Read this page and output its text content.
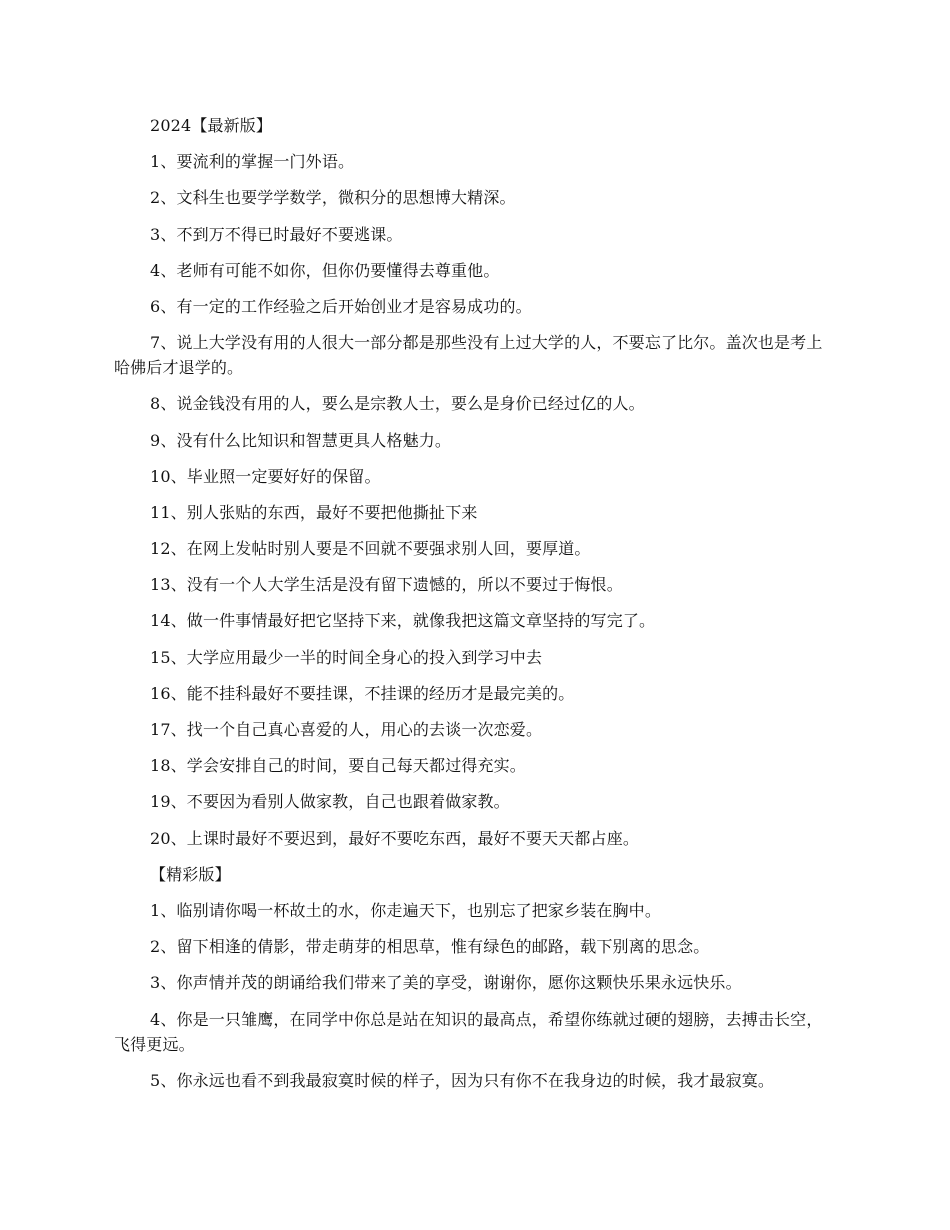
2024【最新版】

1、要流利的掌握一门外语。

2、文科生也要学学数学，微积分的思想博大精深。

3、不到万不得已时最好不要逃课。

4、老师有可能不如你，但你仍要懂得去尊重他。

6、有一定的工作经验之后开始创业才是容易成功的。

7、说上大学没有用的人很大一部分都是那些没有上过大学的人，不要忘了比尔。盖次也是考上哈佛后才退学的。

8、说金钱没有用的人，要么是宗教人士，要么是身价已经过亿的人。

9、没有什么比知识和智慧更具人格魅力。

10、毕业照一定要好好的保留。

11、别人张贴的东西，最好不要把他撕扯下来

12、在网上发帖时别人要是不回就不要强求别人回，要厚道。

13、没有一个人大学生活是没有留下遗憾的，所以不要过于悔恨。

14、做一件事情最好把它坚持下来，就像我把这篇文章坚持的写完了。

15、大学应用最少一半的时间全身心的投入到学习中去

16、能不挂科最好不要挂课，不挂课的经历才是最完美的。

17、找一个自己真心喜爱的人，用心的去谈一次恋爱。

18、学会安排自己的时间，要自己每天都过得充实。

19、不要因为看别人做家教，自己也跟着做家教。

20、上课时最好不要迟到，最好不要吃东西，最好不要天天都占座。

【精彩版】

1、临别请你喝一杯故土的水，你走遍天下，也别忘了把家乡装在胸中。

2、留下相逢的倩影，带走萌芽的相思草，惟有绿色的邮路，载下别离的思念。

3、你声情并茂的朗诵给我们带来了美的享受，谢谢你，愿你这颗快乐果永远快乐。

4、你是一只雏鹰，在同学中你总是站在知识的最高点，希望你练就过硬的翅膀，去搏击长空，飞得更远。

5、你永远也看不到我最寂寞时候的样子，因为只有你不在我身边的时候，我才最寂寞。
